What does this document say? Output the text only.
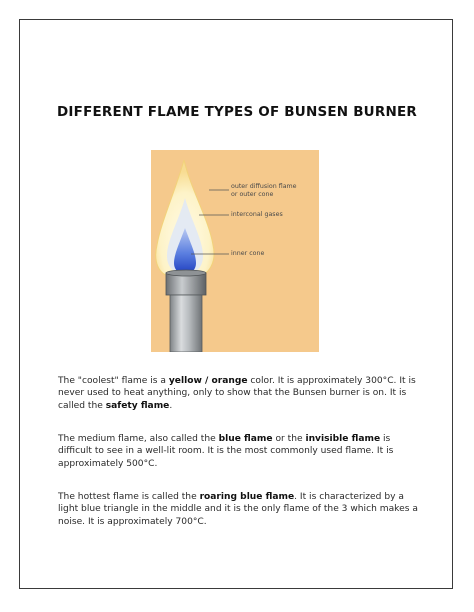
DIFFERENT FLAME TYPES OF BUNSEN BURNER
outer diffusion flame
or outer cone
interconal gases
inner cone
The "coolest" flame is a yellow / orange color. It is approximately 300°C. It is never used to heat anything, only to show that the Bunsen burner is on. It is called the safety flame.
The medium flame, also called the blue flame or the invisible flame is difficult to see in a well-lit room. It is the most commonly used flame. It is approximately 500°C.
The hottest flame is called the roaring blue flame. It is characterized by a light blue triangle in the middle and it is the only flame of the 3 which makes a noise. It is approximately 700°C.
